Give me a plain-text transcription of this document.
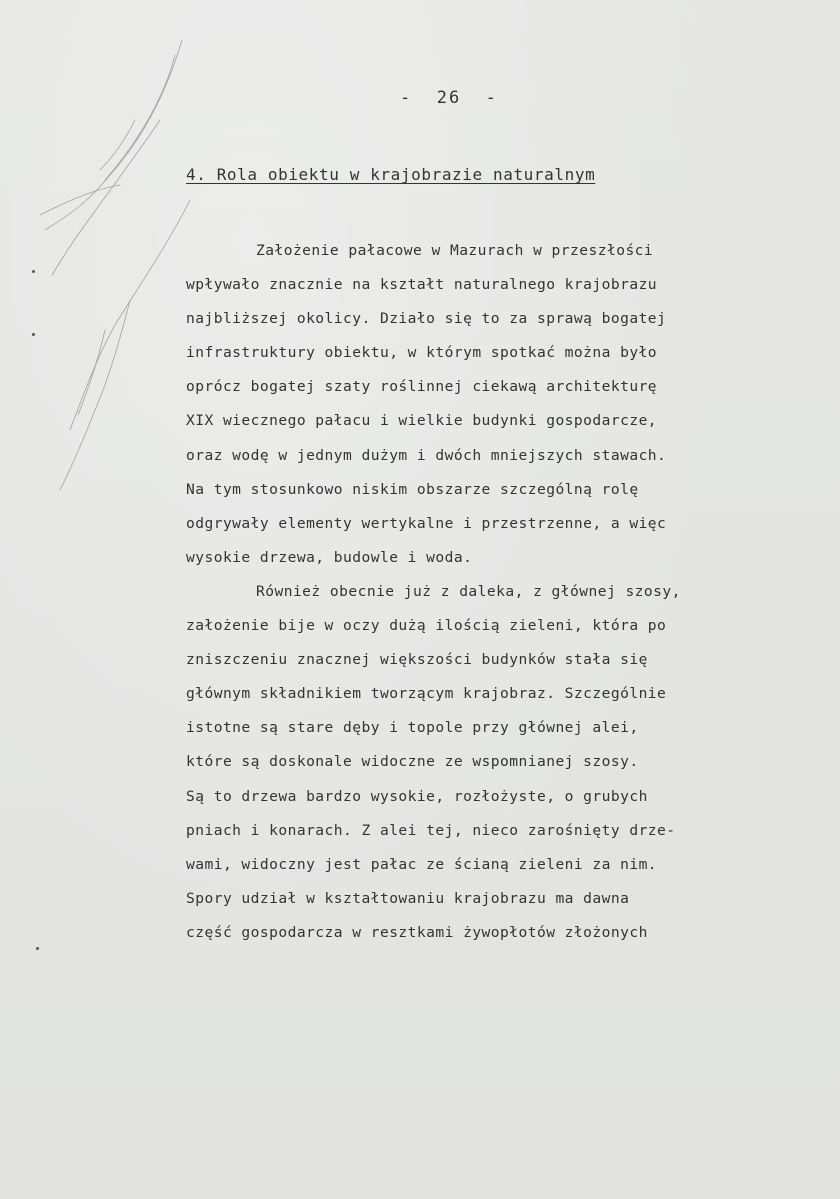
-  26  -
4. Rola obiektu w krajobrazie naturalnym
Założenie pałacowe w Mazurach w przeszłości
wpływało znacznie na kształt naturalnego krajobrazu
najbliższej okolicy. Działo się to za sprawą bogatej
infrastruktury obiektu, w którym spotkać można było
oprócz bogatej szaty roślinnej ciekawą architekturę
XIX wiecznego pałacu i wielkie budynki gospodarcze,
oraz wodę w jednym dużym i dwóch mniejszych stawach.
Na tym stosunkowo niskim obszarze szczególną rolę
odgrywały elementy wertykalne i przestrzenne, a więc
wysokie drzewa, budowle i woda.
Również obecnie już z daleka, z głównej szosy,
założenie bije w oczy dużą ilością zieleni, która po
zniszczeniu znacznej większości budynków stała się
głównym składnikiem tworzącym krajobraz. Szczególnie
istotne są stare dęby i topole przy głównej alei,
które są doskonale widoczne ze wspomnianej szosy.
Są to drzewa bardzo wysokie, rozłożyste, o grubych
pniach i konarach. Z alei tej, nieco zarośnięty drze-
wami, widoczny jest pałac ze ścianą zieleni za nim.
Spory udział w kształtowaniu krajobrazu ma dawna
część gospodarcza w resztkami żywopłotów złożonych
